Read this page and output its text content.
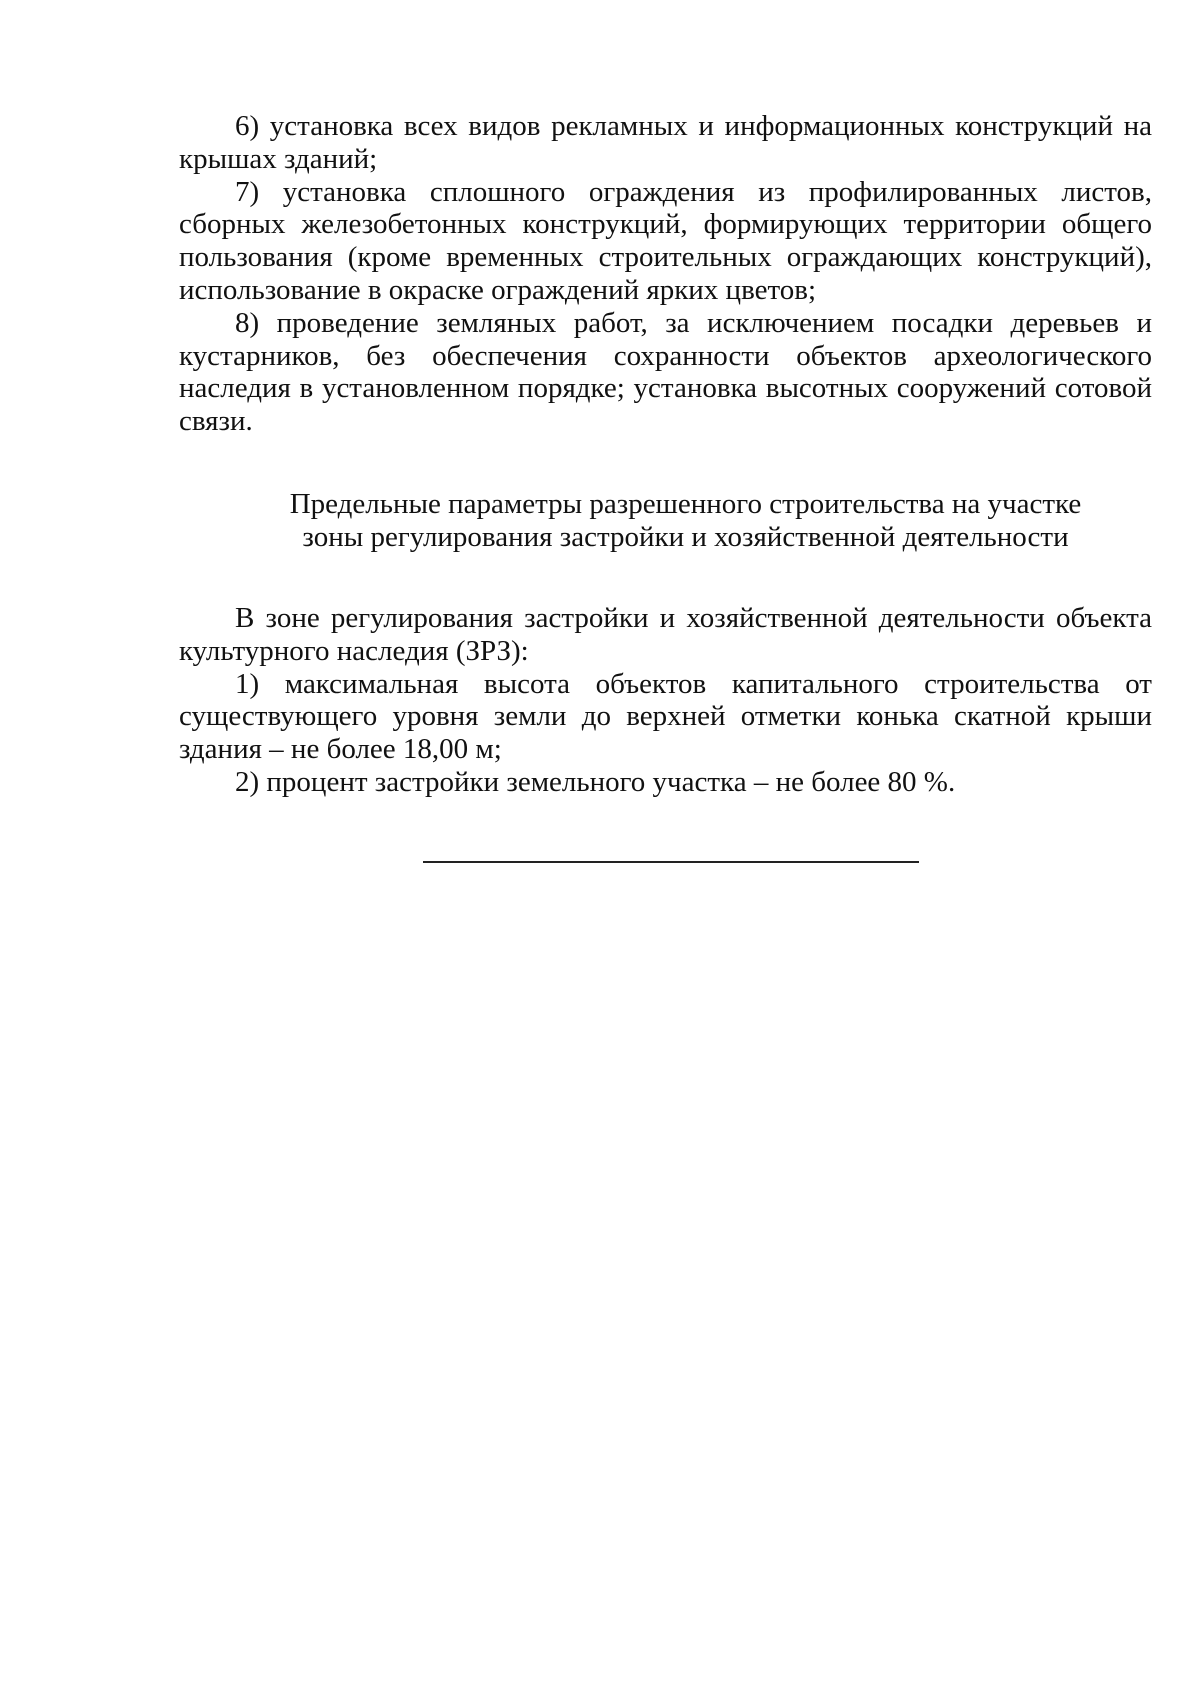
6) установка всех видов рекламных и информационных конструкций на крышах зданий;

7) установка сплошного ограждения из профилированных листов, сборных железобетонных конструкций, формирующих территории общего пользования (кроме временных строительных ограждающих конструкций), использование в окраске ограждений ярких цветов;

8) проведение земляных работ, за исключением посадки деревьев и кустарников, без обеспечения сохранности объектов археологического наследия в установленном порядке; установка высотных сооружений сотовой связи.

Предельные параметры разрешенного строительства на участке
зоны регулирования застройки и хозяйственной деятельности

В зоне регулирования застройки и хозяйственной деятельности объекта культурного наследия (ЗРЗ):

1) максимальная высота объектов капитального строительства от существующего уровня земли до верхней отметки конька скатной крыши здания – не более 18,00 м;

2) процент застройки земельного участка – не более 80 %.
